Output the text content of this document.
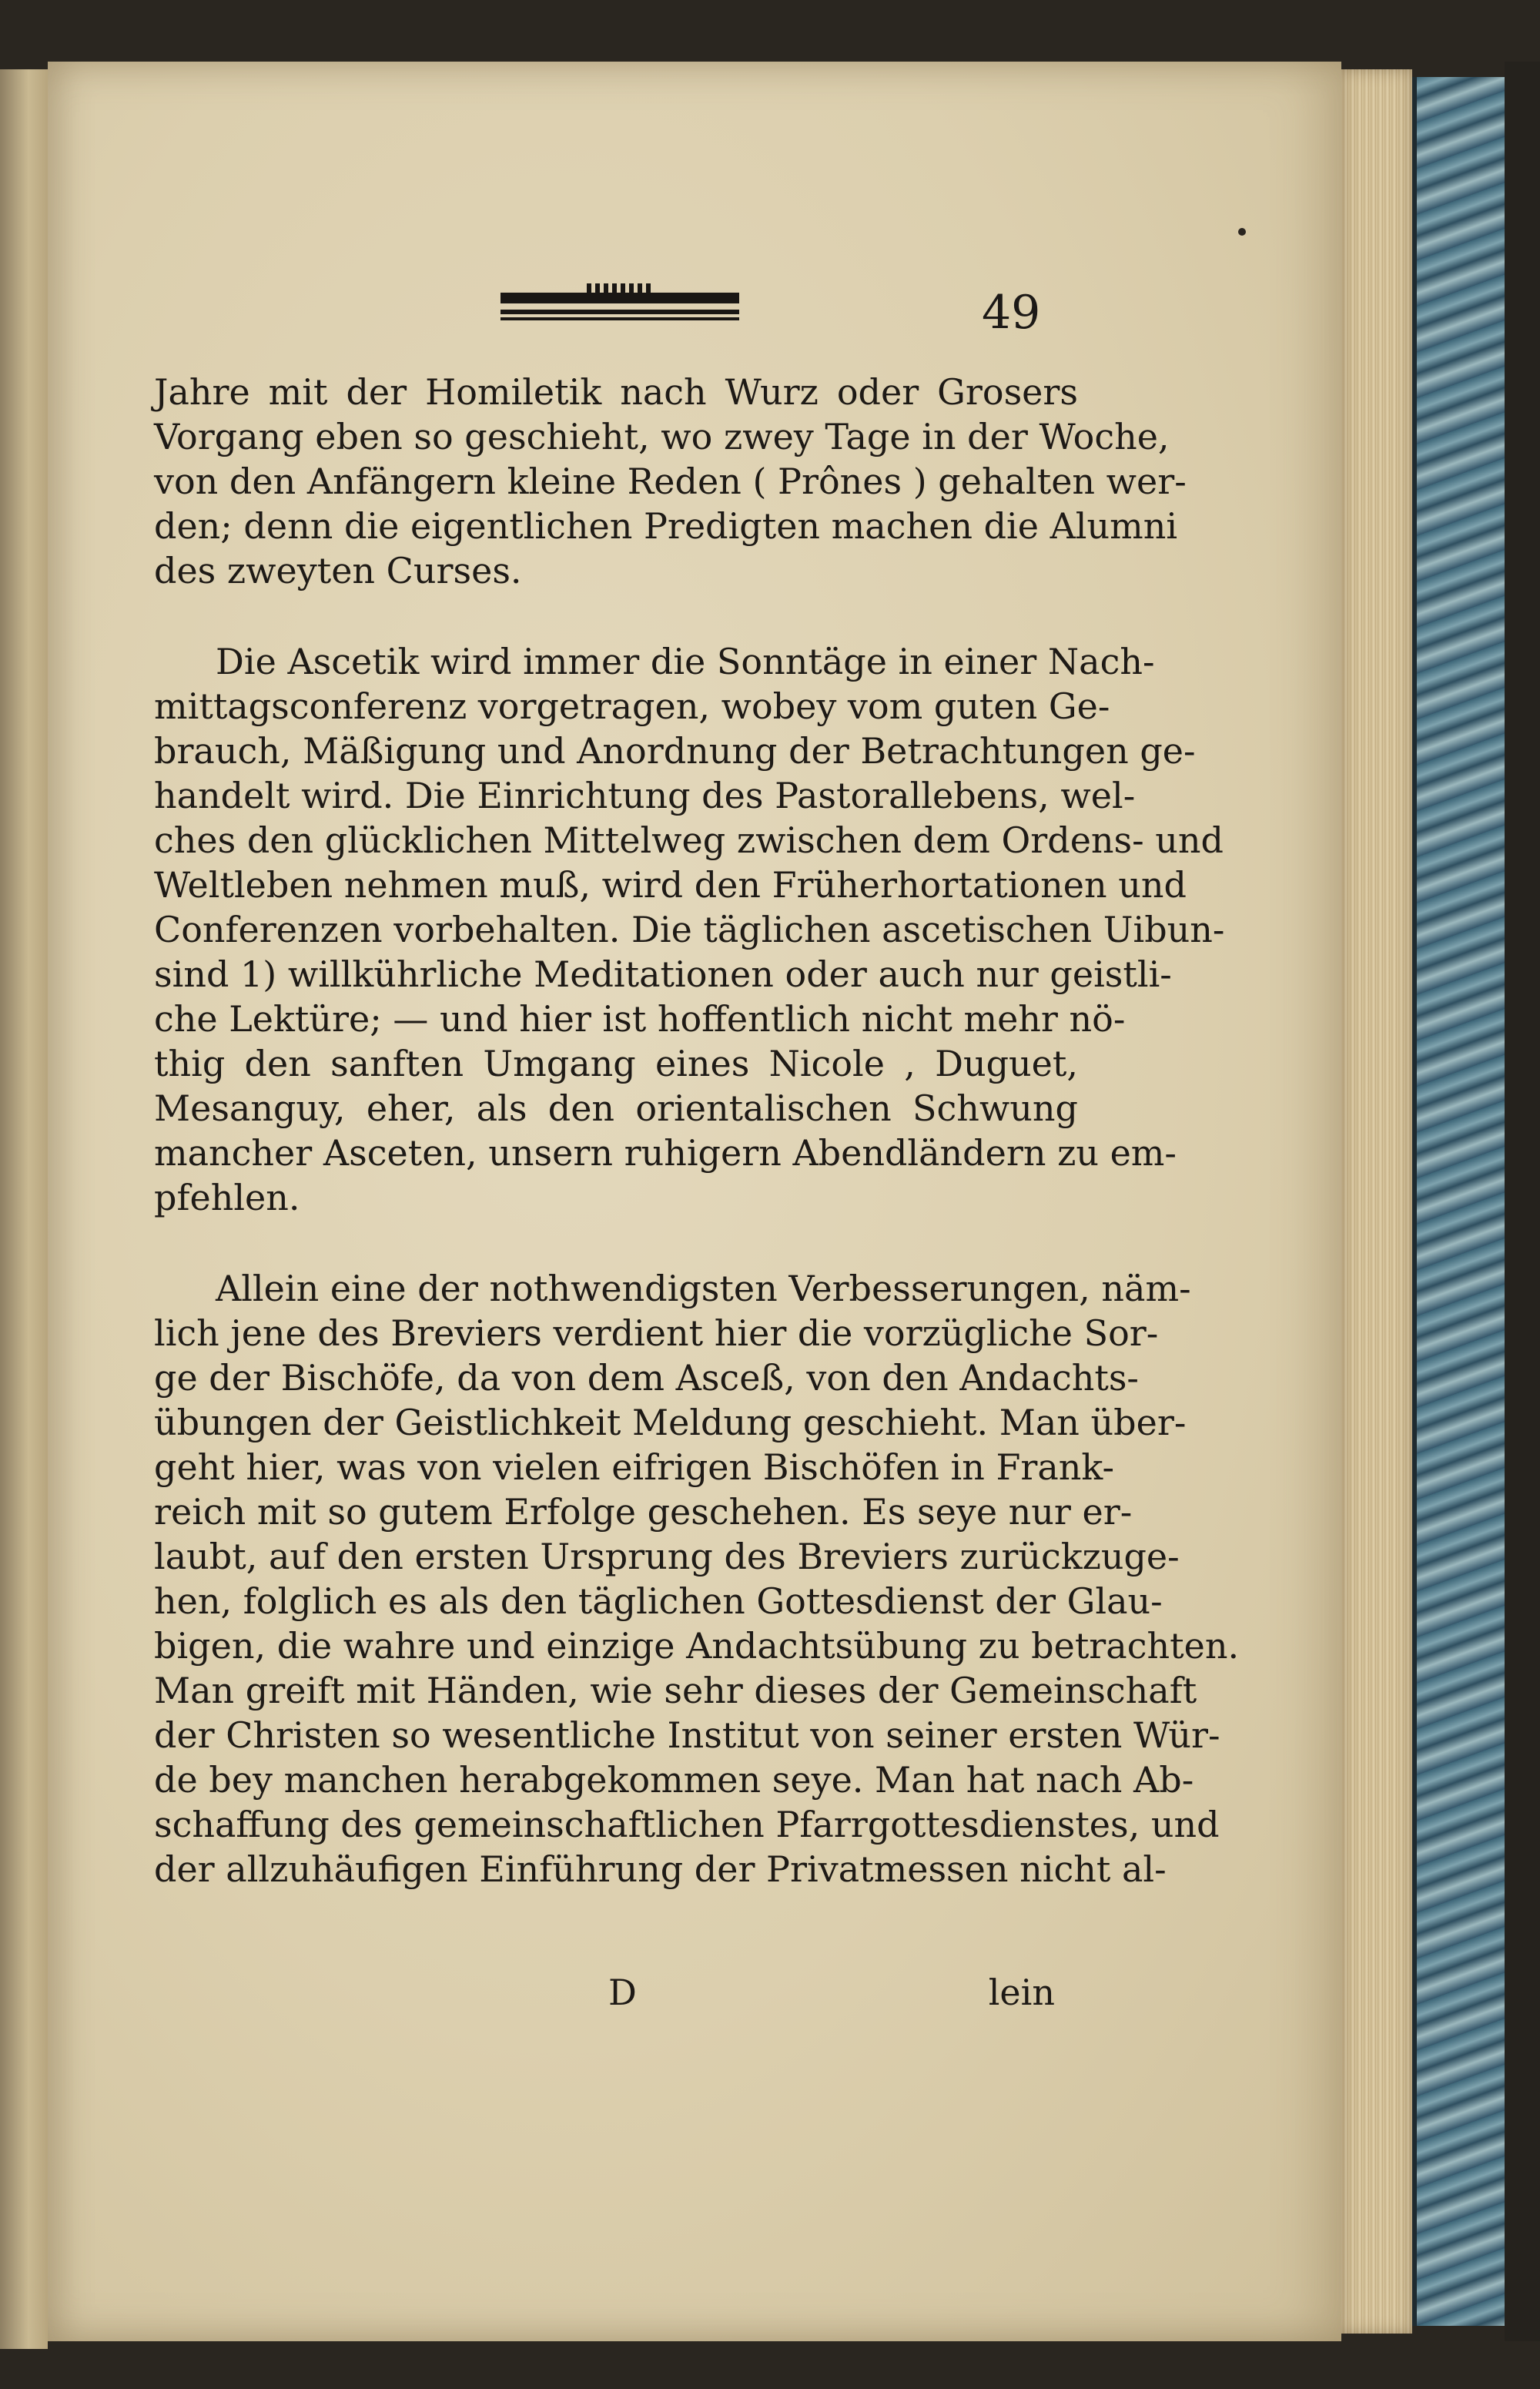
49
Jahre mit der Homiletik nach Wurz oder Grosers
Vorgang eben so geschieht, wo zwey Tage in der Woche,
von den Anfängern kleine Reden ( Prônes ) gehalten wer-
den; denn die eigentlichen Predigten machen die Alumni
des zweyten Curses.
Die Ascetik wird immer die Sonntäge in einer Nach-
mittagsconferenz vorgetragen, wobey vom guten Ge-
brauch, Mäßigung und Anordnung der Betrachtungen ge-
handelt wird. Die Einrichtung des Pastorallebens, wel-
ches den glücklichen Mittelweg zwischen dem Ordens- und
Weltleben nehmen muß, wird den Früherhortationen und
Conferenzen vorbehalten. Die täglichen ascetischen Uibun-
sind 1) willkührliche Meditationen oder auch nur geistli-
che Lektüre; — und hier ist hoffentlich nicht mehr nö-
thig den sanften Umgang eines Nicole , Duguet,
Mesanguy, eher, als den orientalischen Schwung
mancher Asceten, unsern ruhigern Abendländern zu em-
pfehlen.
Allein eine der nothwendigsten Verbesserungen, näm-
lich jene des Breviers verdient hier die vorzügliche Sor-
ge der Bischöfe, da von dem Asceß, von den Andachts-
übungen der Geistlichkeit Meldung geschieht. Man über-
geht hier, was von vielen eifrigen Bischöfen in Frank-
reich mit so gutem Erfolge geschehen. Es seye nur er-
laubt, auf den ersten Ursprung des Breviers zurückzuge-
hen, folglich es als den täglichen Gottesdienst der Glau-
bigen, die wahre und einzige Andachtsübung zu betrachten.
Man greift mit Händen, wie sehr dieses der Gemeinschaft
der Christen so wesentliche Institut von seiner ersten Wür-
de bey manchen herabgekommen seye. Man hat nach Ab-
schaffung des gemeinschaftlichen Pfarrgottesdienstes, und
der allzuhäufigen Einführung der Privatmessen nicht al-
D	lein
